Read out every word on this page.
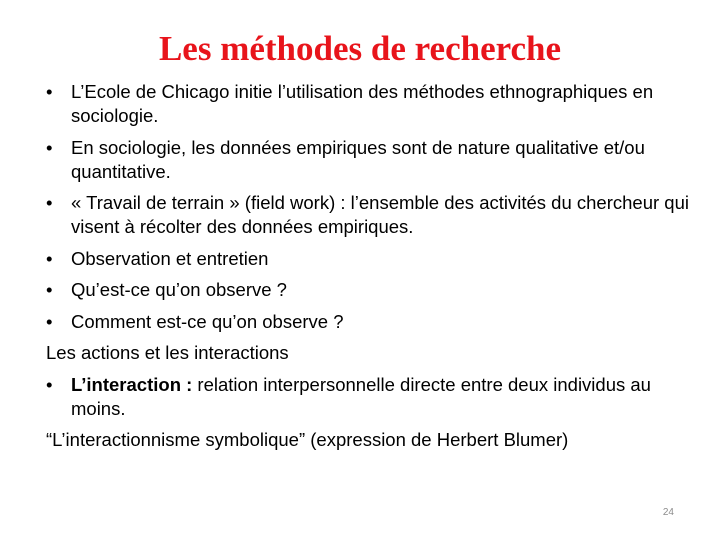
Les méthodes de recherche
• L’Ecole de Chicago initie l’utilisation des méthodes ethnographiques en sociologie.
• En sociologie, les données empiriques sont de nature qualitative et/ou quantitative.
• « Travail de terrain » (field work) : l’ensemble des activités du chercheur qui visent à récolter des données empiriques.
• Observation et entretien
• Qu’est-ce qu’on observe ?
• Comment est-ce qu’on observe ?
Les actions et les interactions
• L’interaction : relation interpersonnelle directe entre deux individus au moins.
“L’interactionnisme symbolique” (expression de Herbert Blumer)
24
